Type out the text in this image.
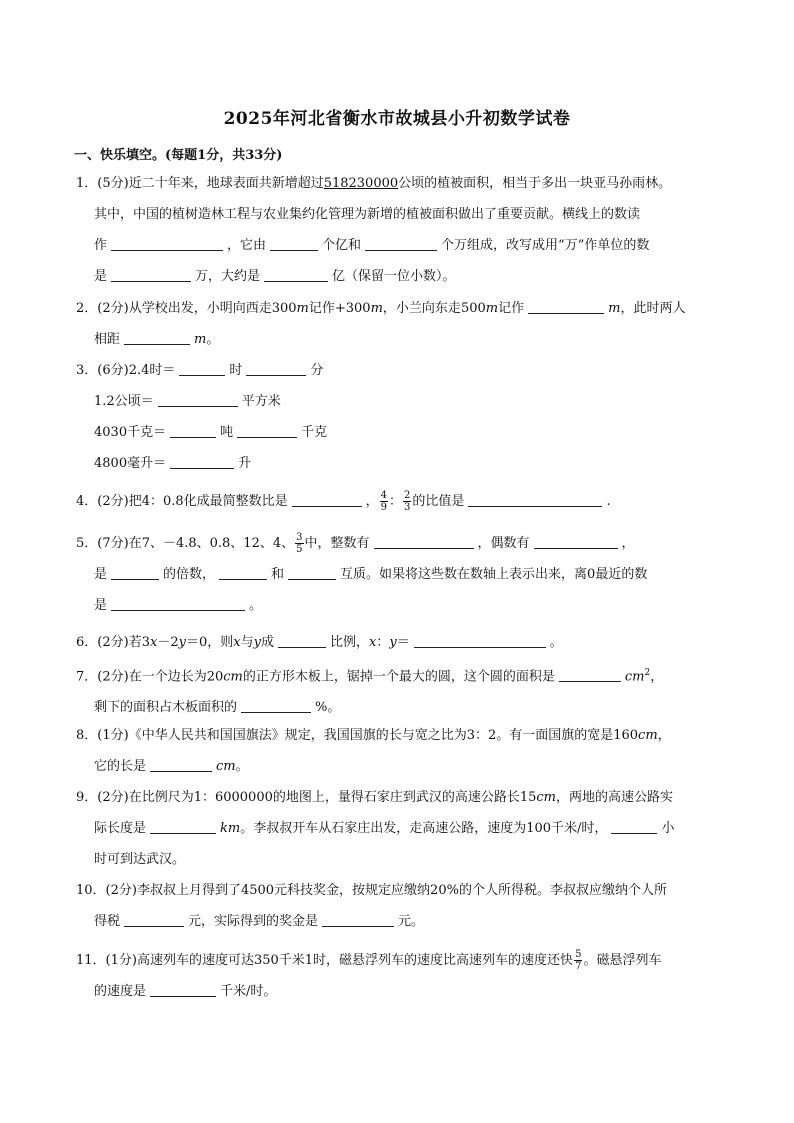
2025年河北省衡水市故城县小升初数学试卷
一、快乐填空。(每题1分，共33分)
1．(5分)近二十年来，地球表面共新增超过518230000公顷的植被面积，相当于多出一块亚马孙雨林。
其中，中国的植树造林工程与农业集约化管理为新增的植被面积做出了重要贡献。横线上的数读
作	，它由	个亿和	个万组成，改写成用“万”作单位的数
是	万，大约是	亿（保留一位小数）。
2．(2分)从学校出发，小明向西走300m记作+300m，小兰向东走500m记作	m，此时两人
相距	m。
3．(6分)2.4时＝	时	分
1.2公顷＝	平方米
4030千克＝	吨	千克
4800毫升＝	升
4．(2分)把4：0.8化成最简整数比是	， $\frac{4}{9}$ ： $\frac{2}{3}$ 的比值是	.
5．(7分)在7、－4.8、0.8、12、4、 $\frac{3}{5}$ 中，整数有	，偶数有	，
是	的倍数，	和	互质。如果将这些数在数轴上表示出来，离0最近的数
是	。
6．(2分)若3x－2y＝0，则x与y成	比例，x：y＝	。
7．(2分)在一个边长为20cm的正方形木板上，锯掉一个最大的圆，这个圆的面积是	$cm^2$，
剩下的面积占木板面积的	%。
8．(1分)《中华人民共和国国旗法》规定，我国国旗的长与宽之比为3：2。有一面国旗的宽是160cm，
它的长是	cm。
9．(2分)在比例尺为1：6000000的地图上，量得石家庄到武汉的高速公路长15cm，两地的高速公路实
际长度是	km。李叔叔开车从石家庄出发，走高速公路，速度为100千米/时，	小
时可到达武汉。
10．(2分)李叔叔上月得到了4500元科技奖金，按规定应缴纳20%的个人所得税。李叔叔应缴纳个人所
得税	元，实际得到的奖金是	元。
11．(1分)高速列车的速度可达350千米1时，磁悬浮列车的速度比高速列车的速度还快 $\frac{5}{7}$ 。磁悬浮列车
的速度是	千米/时。
